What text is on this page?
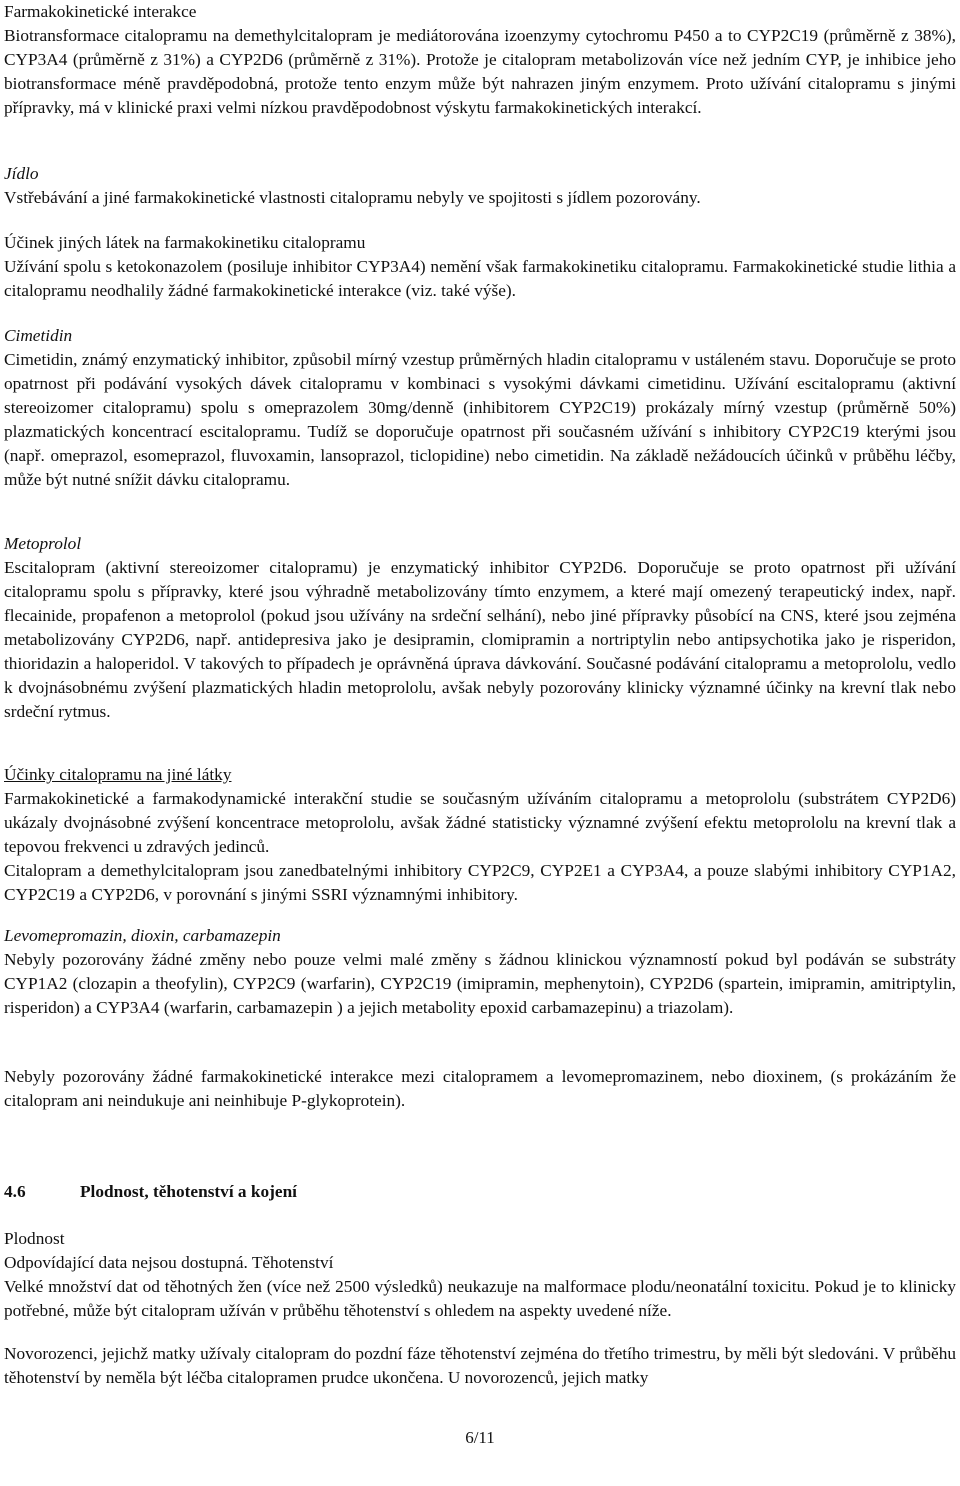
Farmakokinetické interakce
Biotransformace citalopramu na demethylcitalopram je mediátorována izoenzymy cytochromu P450 a to CYP2C19 (průměrně z 38%), CYP3A4 (průměrně z 31%) a CYP2D6 (průměrně z 31%). Protože je citalopram metabolizován více než jedním CYP, je inhibice jeho biotransformace méně pravděpodobná, protože tento enzym může být nahrazen jiným enzymem. Proto užívání citalopramu s jinými přípravky, má v klinické praxi velmi nízkou pravděpodobnost výskytu farmakokinetických interakcí.
Jídlo
Vstřebávání a jiné farmakokinetické vlastnosti citalopramu nebyly ve spojitosti s jídlem pozorovány.
Účinek jiných látek na farmakokinetiku citalopramu
Užívání spolu s ketokonazolem (posiluje inhibitor CYP3A4) nemění však farmakokinetiku citalopramu. Farmakokinetické studie lithia a citalopramu neodhalily žádné farmakokinetické interakce (viz. také výše).
Cimetidin
Cimetidin, známý enzymatický inhibitor, způsobil mírný vzestup průměrných hladin citalopramu v ustáleném stavu. Doporučuje se proto opatrnost při podávání vysokých dávek citalopramu v kombinaci s vysokými dávkami cimetidinu. Užívání escitalopramu (aktivní stereoizomer citalopramu) spolu s omeprazolem 30mg/denně (inhibitorem CYP2C19) prokázaly mírný vzestup (průměrně 50%) plazmatických koncentrací escitalopramu. Tudíž se doporučuje opatrnost při současném užívání s inhibitory CYP2C19 kterými jsou (např. omeprazol, esomeprazol, fluvoxamin, lansoprazol, ticlopidine) nebo cimetidin. Na základě nežádoucích účinků v průběhu léčby, může být nutné snížit dávku citalopramu.
Metoprolol
Escitalopram (aktivní stereoizomer citalopramu) je enzymatický inhibitor CYP2D6. Doporučuje se proto opatrnost při užívání citalopramu spolu s přípravky, které jsou výhradně metabolizovány tímto enzymem, a které mají omezený terapeutický index, např. flecainide, propafenon a metoprolol (pokud jsou užívány na srdeční selhání), nebo jiné přípravky působící na CNS, které jsou zejména metabolizovány CYP2D6, např. antidepresiva jako je desipramin, clomipramin a nortriptylin nebo antipsychotika jako je risperidon, thioridazin a haloperidol. V takových to případech je oprávněná úprava dávkování. Současné podávání citalopramu a metoprololu, vedlo k dvojnásobnému zvýšení plazmatických hladin metoprololu, avšak nebyly pozorovány klinicky významné účinky na krevní tlak nebo srdeční rytmus.
Účinky citalopramu na jiné látky
Farmakokinetické a farmakodynamické interakční studie se současným užíváním citalopramu a metoprololu (substrátem CYP2D6) ukázaly dvojnásobné zvýšení koncentrace metoprololu, avšak žádné statisticky významné zvýšení efektu metoprololu na krevní tlak a tepovou frekvenci u zdravých jedinců.
Citalopram a demethylcitalopram jsou zanedbatelnými inhibitory CYP2C9, CYP2E1 a CYP3A4, a pouze slabými inhibitory CYP1A2, CYP2C19 a CYP2D6, v porovnání s jinými SSRI významnými inhibitory.
Levomepromazin, dioxin, carbamazepin
Nebyly pozorovány žádné změny nebo pouze velmi malé změny s žádnou klinickou významností pokud byl podáván se substráty CYP1A2 (clozapin a theofylin), CYP2C9 (warfarin), CYP2C19 (imipramin, mephenytoin), CYP2D6 (spartein, imipramin, amitriptylin, risperidon) a CYP3A4 (warfarin, carbamazepin ) a jejich metabolity epoxid carbamazepinu) a triazolam).
Nebyly pozorovány žádné farmakokinetické interakce mezi citalopramem a levomepromazinem, nebo dioxinem, (s prokázáním že citalopram ani neindukuje ani neinhibuje P-glykoprotein).
4.6	Plodnost, těhotenství a kojení
Plodnost
Odpovídající data nejsou dostupná. Těhotenství
Velké množství dat od těhotných žen (více než 2500 výsledků) neukazuje na malformace plodu/neonatální toxicitu. Pokud je to klinicky potřebné, může být citalopram užíván v průběhu těhotenství s ohledem na aspekty uvedené níže.
Novorozenci, jejichž matky užívaly citalopram do pozdní fáze těhotenství zejména do třetího trimestru, by měli být sledováni. V průběhu těhotenství by neměla být léčba citalopramen prudce ukončena. U novorozenců, jejich matky
6/11
